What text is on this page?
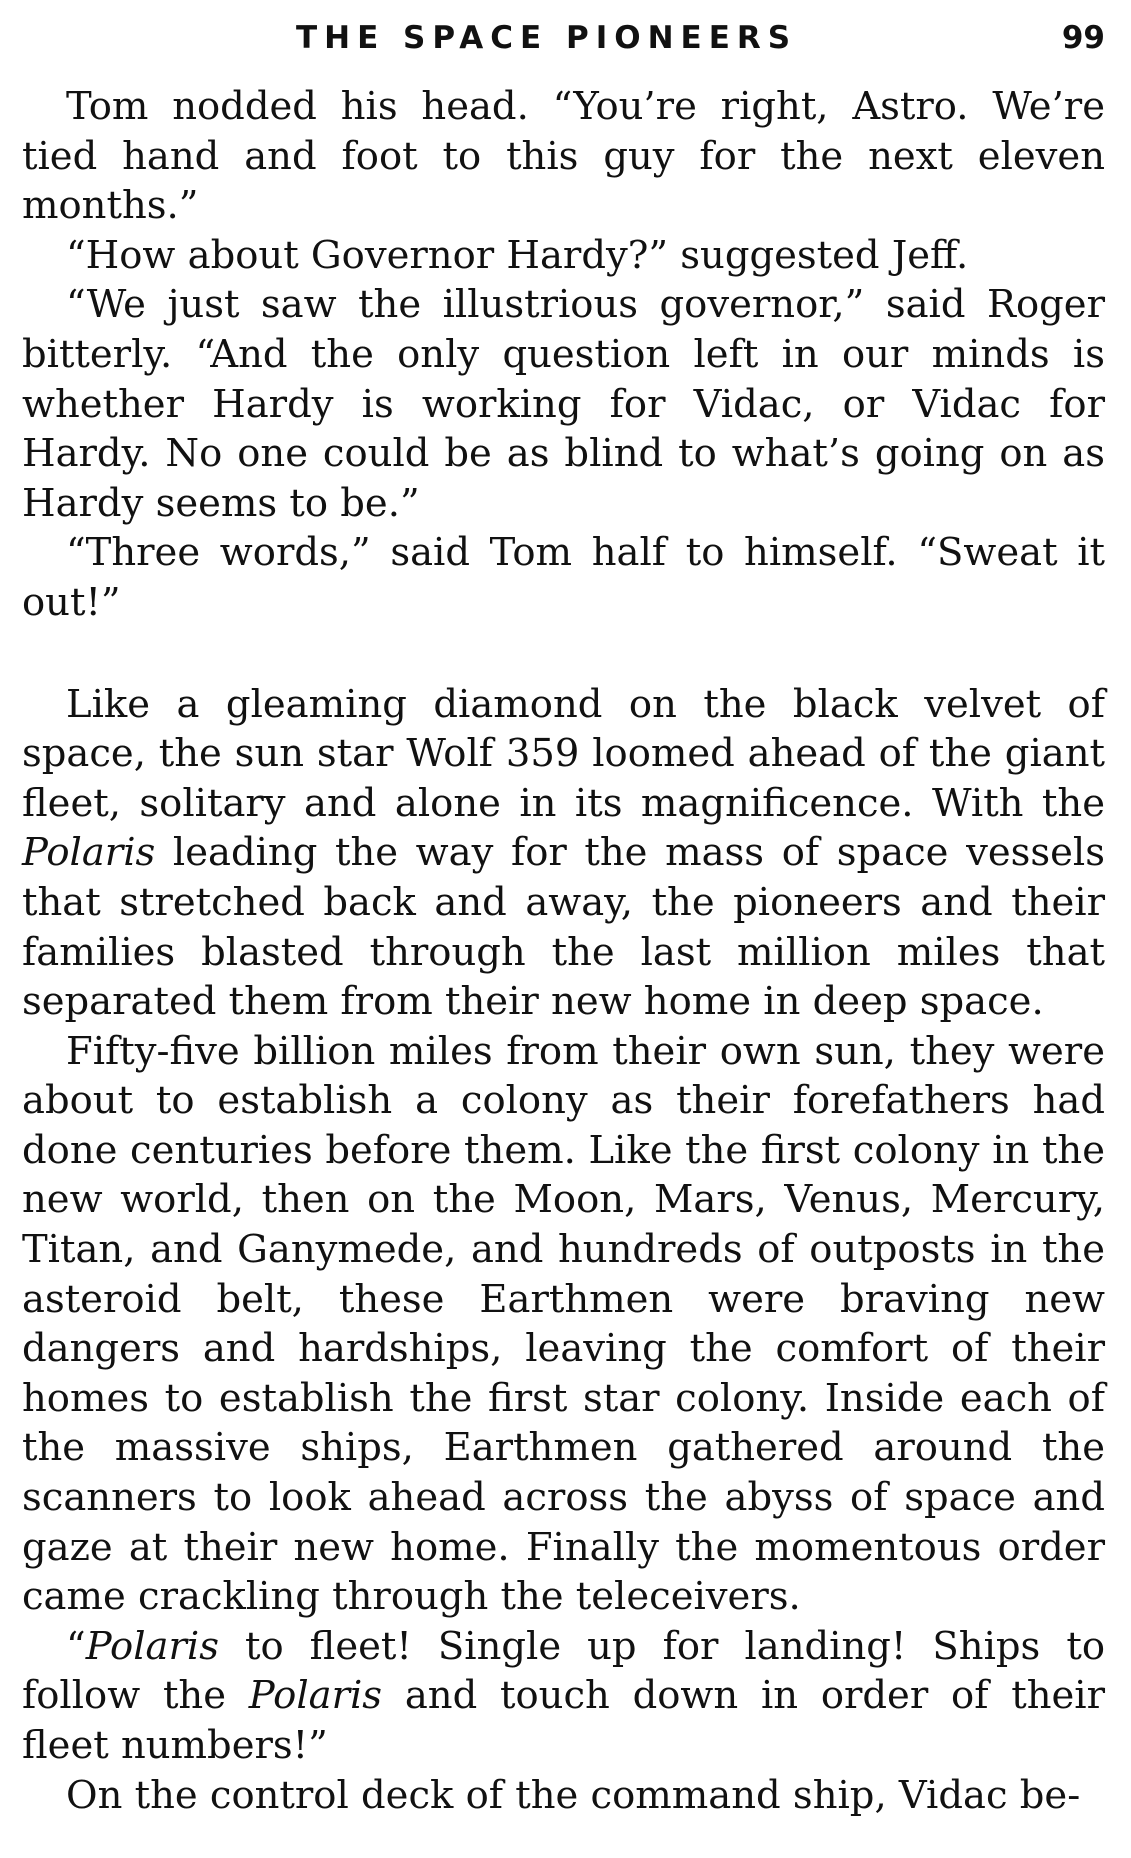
THE SPACE PIONEERS	99

Tom nodded his head. “You’re right, Astro. We’re tied hand and foot to this guy for the next eleven months.”

“How about Governor Hardy?” suggested Jeff.

“We just saw the illustrious governor,” said Roger bitterly. “And the only question left in our minds is whether Hardy is working for Vidac, or Vidac for Hardy. No one could be as blind to what’s going on as Hardy seems to be.”

“Three words,” said Tom half to himself. “Sweat it out!”

Like a gleaming diamond on the black velvet of space, the sun star Wolf 359 loomed ahead of the giant fleet, solitary and alone in its magnificence. With the Polaris leading the way for the mass of space vessels that stretched back and away, the pioneers and their families blasted through the last million miles that separated them from their new home in deep space.

Fifty-five billion miles from their own sun, they were about to establish a colony as their forefathers had done centuries before them. Like the first colony in the new world, then on the Moon, Mars, Venus, Mercury, Titan, and Ganymede, and hundreds of outposts in the asteroid belt, these Earthmen were braving new dangers and hardships, leaving the comfort of their homes to establish the first star colony. Inside each of the massive ships, Earthmen gathered around the scanners to look ahead across the abyss of space and gaze at their new home. Finally the momentous order came crackling through the teleceivers.

“Polaris to fleet! Single up for landing! Ships to follow the Polaris and touch down in order of their fleet numbers!”

On the control deck of the command ship, Vidac be-
